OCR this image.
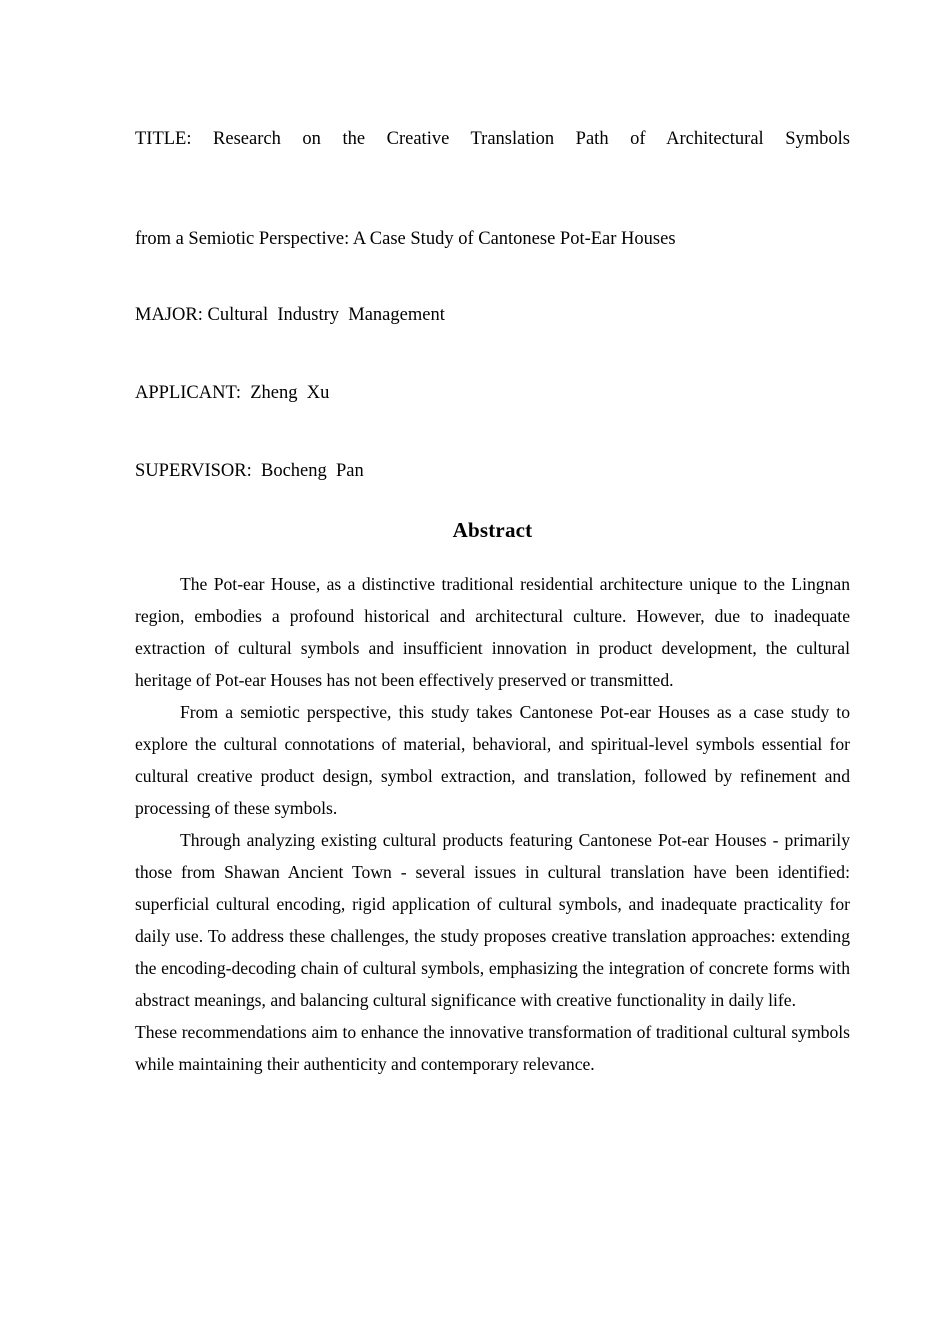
TITLE: Research on the Creative Translation Path of Architectural Symbols

from a Semiotic Perspective: A Case Study of Cantonese Pot-Ear Houses

MAJOR: Cultural  Industry  Management

APPLICANT:  Zheng  Xu

SUPERVISOR:  Bocheng  Pan

Abstract

The Pot-ear House, as a distinctive traditional residential architecture unique to the Lingnan region, embodies a profound historical and architectural culture. However, due to inadequate extraction of cultural symbols and insufficient innovation in product development, the cultural heritage of Pot-ear Houses has not been effectively preserved or transmitted.

From a semiotic perspective, this study takes Cantonese Pot-ear Houses as a case study to explore the cultural connotations of material, behavioral, and spiritual-level symbols essential for cultural creative product design, symbol extraction, and translation, followed by refinement and processing of these symbols.

Through analyzing existing cultural products featuring Cantonese Pot-ear Houses - primarily those from Shawan Ancient Town - several issues in cultural translation have been identified: superficial cultural encoding, rigid application of cultural symbols, and inadequate practicality for daily use. To address these challenges, the study proposes creative translation approaches: extending the encoding-decoding chain of cultural symbols, emphasizing the integration of concrete forms with abstract meanings, and balancing cultural significance with creative functionality in daily life.

These recommendations aim to enhance the innovative transformation of traditional cultural symbols while maintaining their authenticity and contemporary relevance.
